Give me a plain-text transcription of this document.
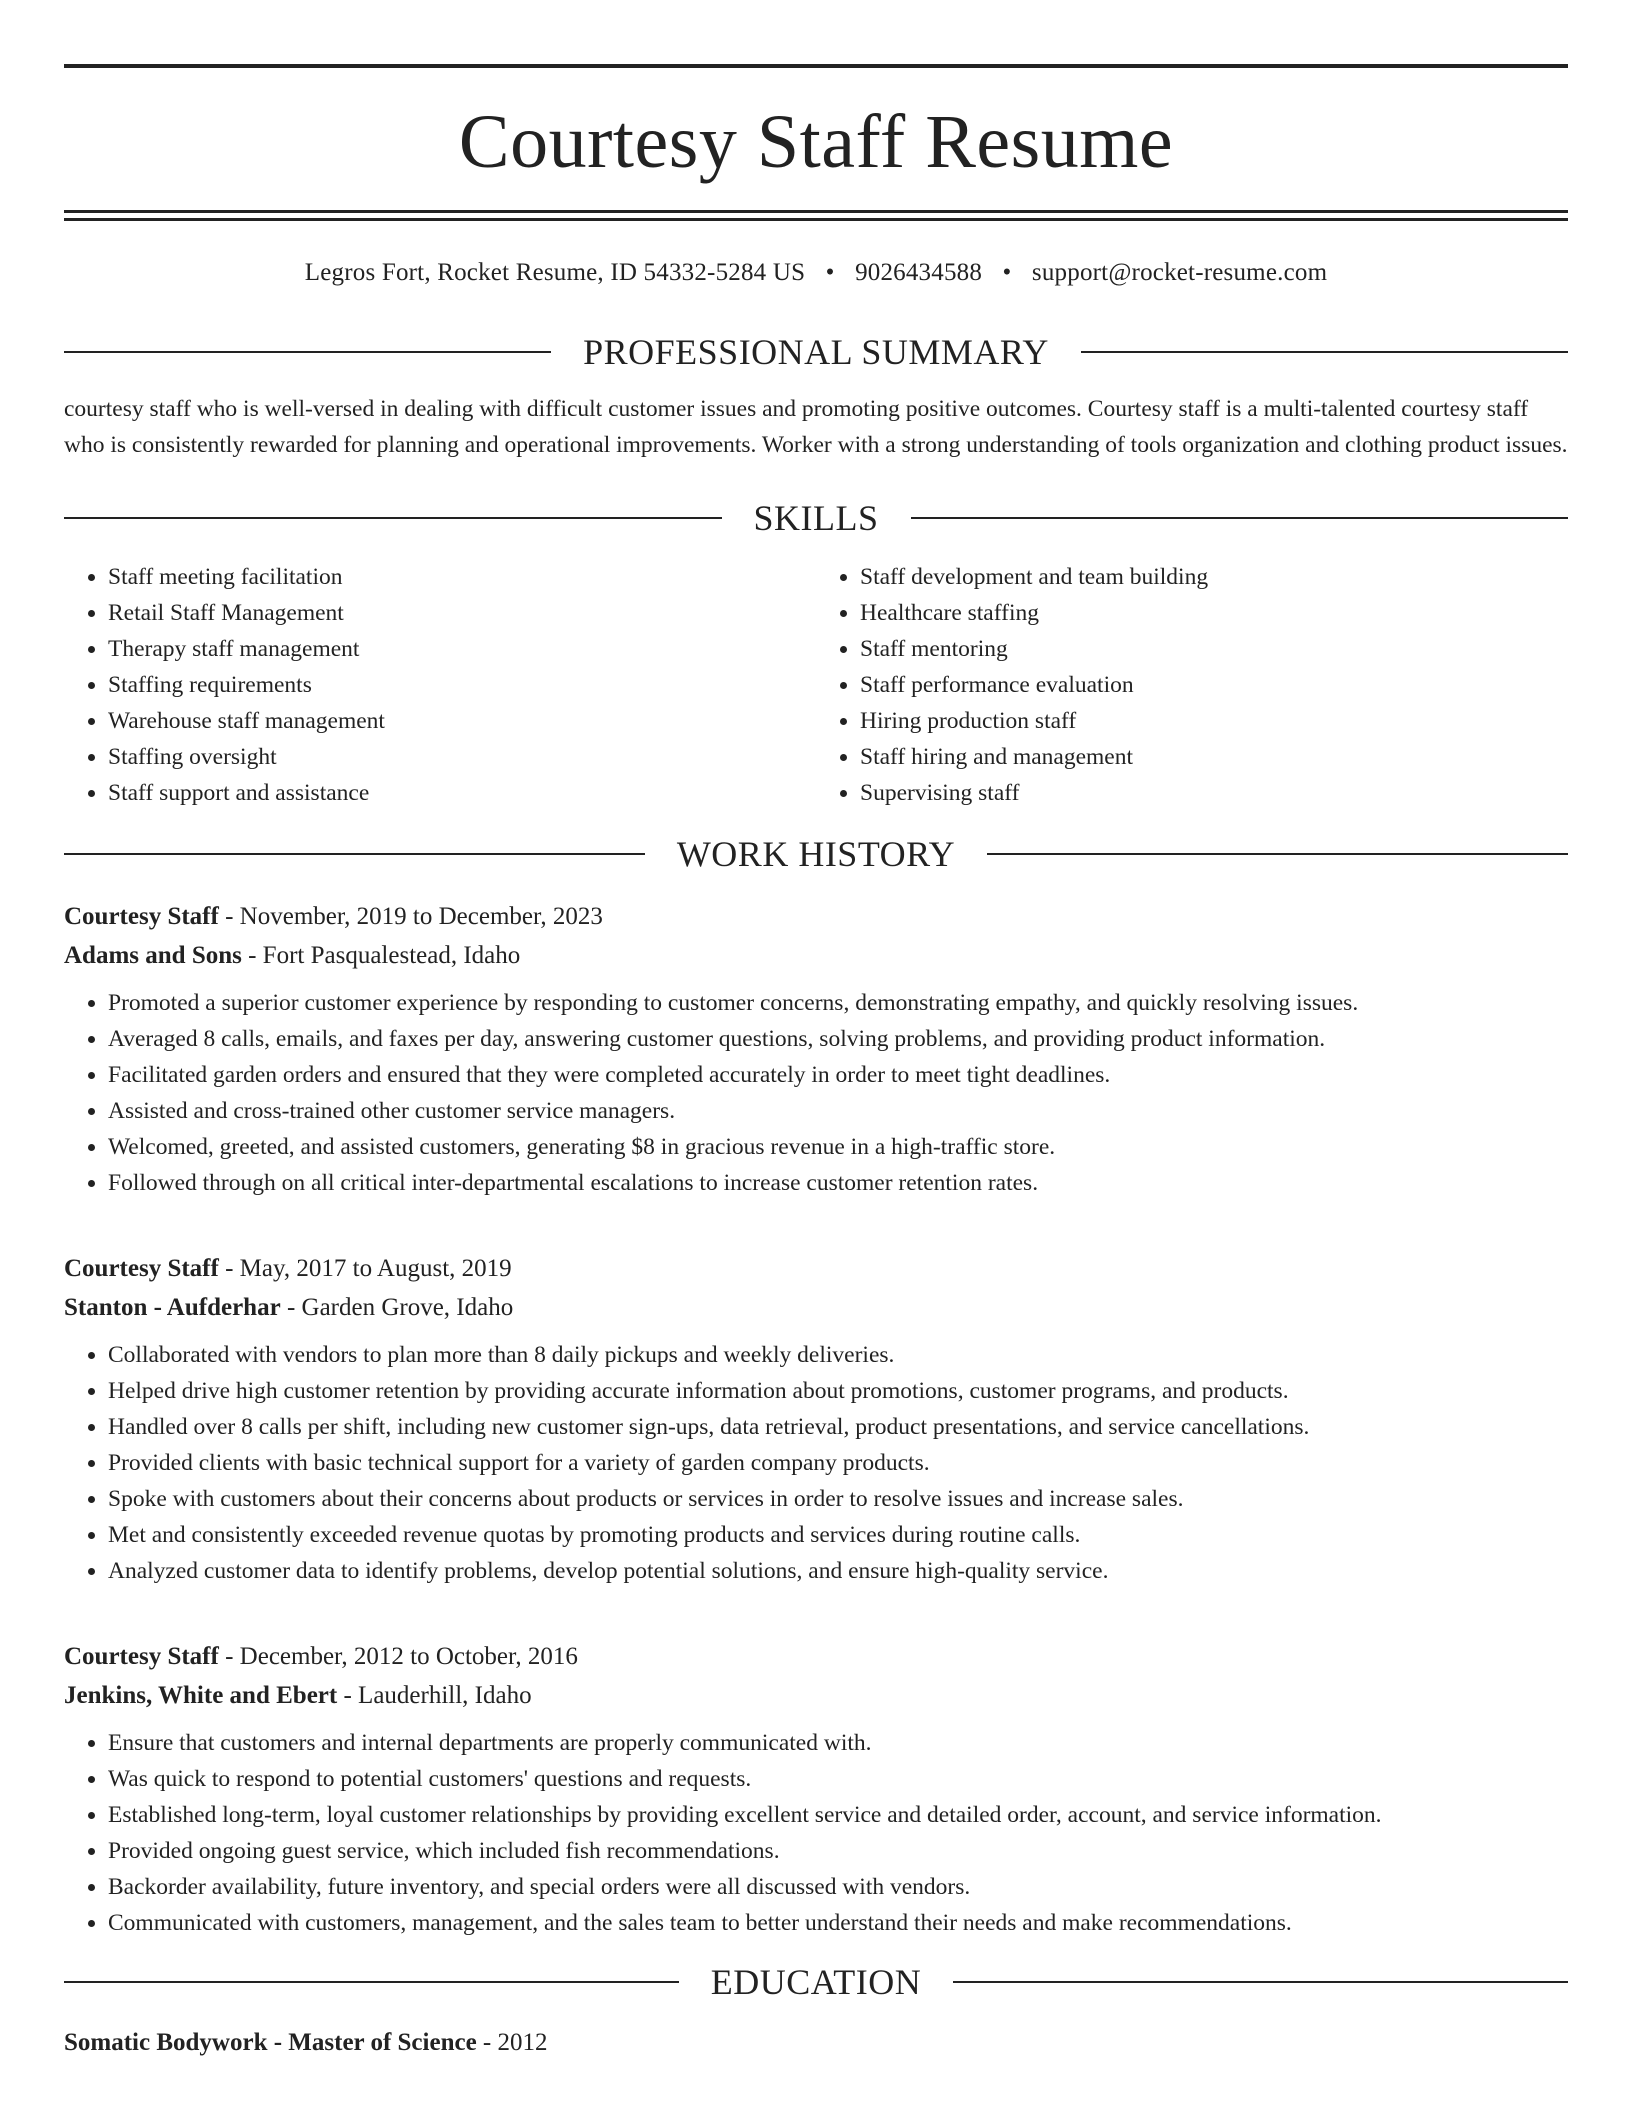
Courtesy Staff Resume
Legros Fort, Rocket Resume, ID 54332-5284 US • 9026434588 • support@rocket-resume.com
PROFESSIONAL SUMMARY
courtesy staff who is well-versed in dealing with difficult customer issues and promoting positive outcomes. Courtesy staff is a multi-talented courtesy staff who is consistently rewarded for planning and operational improvements. Worker with a strong understanding of tools organization and clothing product issues.
SKILLS
• Staff meeting facilitation
• Retail Staff Management
• Therapy staff management
• Staffing requirements
• Warehouse staff management
• Staffing oversight
• Staff support and assistance
• Staff development and team building
• Healthcare staffing
• Staff mentoring
• Staff performance evaluation
• Hiring production staff
• Staff hiring and management
• Supervising staff
WORK HISTORY
Courtesy Staff - November, 2019 to December, 2023
Adams and Sons - Fort Pasqualestead, Idaho
• Promoted a superior customer experience by responding to customer concerns, demonstrating empathy, and quickly resolving issues.
• Averaged 8 calls, emails, and faxes per day, answering customer questions, solving problems, and providing product information.
• Facilitated garden orders and ensured that they were completed accurately in order to meet tight deadlines.
• Assisted and cross-trained other customer service managers.
• Welcomed, greeted, and assisted customers, generating $8 in gracious revenue in a high-traffic store.
• Followed through on all critical inter-departmental escalations to increase customer retention rates.
Courtesy Staff - May, 2017 to August, 2019
Stanton - Aufderhar - Garden Grove, Idaho
• Collaborated with vendors to plan more than 8 daily pickups and weekly deliveries.
• Helped drive high customer retention by providing accurate information about promotions, customer programs, and products.
• Handled over 8 calls per shift, including new customer sign-ups, data retrieval, product presentations, and service cancellations.
• Provided clients with basic technical support for a variety of garden company products.
• Spoke with customers about their concerns about products or services in order to resolve issues and increase sales.
• Met and consistently exceeded revenue quotas by promoting products and services during routine calls.
• Analyzed customer data to identify problems, develop potential solutions, and ensure high-quality service.
Courtesy Staff - December, 2012 to October, 2016
Jenkins, White and Ebert - Lauderhill, Idaho
• Ensure that customers and internal departments are properly communicated with.
• Was quick to respond to potential customers' questions and requests.
• Established long-term, loyal customer relationships by providing excellent service and detailed order, account, and service information.
• Provided ongoing guest service, which included fish recommendations.
• Backorder availability, future inventory, and special orders were all discussed with vendors.
• Communicated with customers, management, and the sales team to better understand their needs and make recommendations.
EDUCATION
Somatic Bodywork - Master of Science - 2012
